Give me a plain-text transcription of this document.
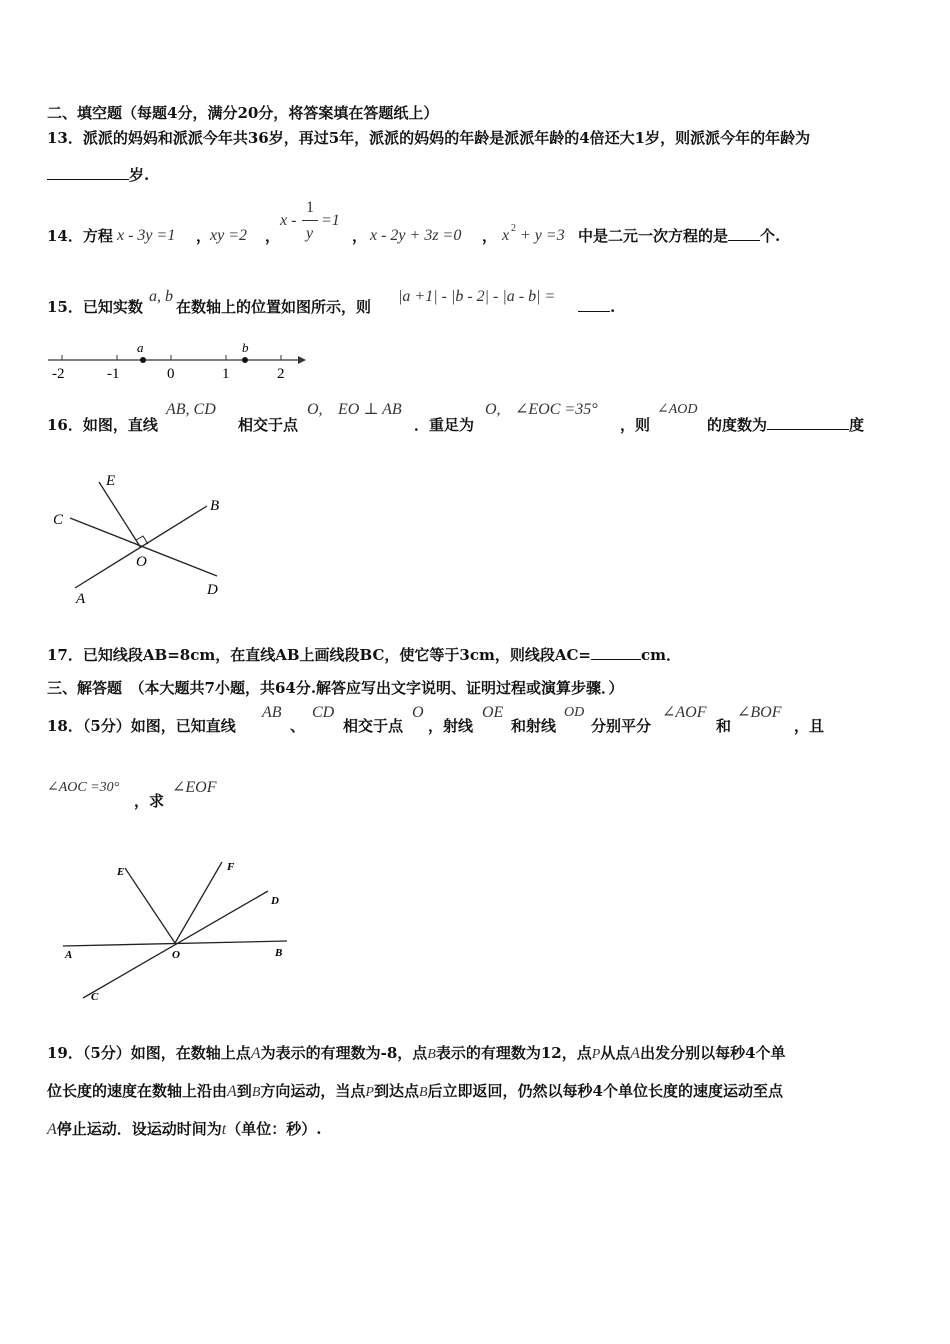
二、填空题（每题4分，满分20分，将答案填在答题纸上）
13．派派的妈妈和派派今年共36岁，再过5年，派派的妈妈的年龄是派派年龄的4倍还大1岁，则派派今年的年龄为
岁.
14．方程 x - 3y =1 ，
xy =2 ，
1
x -
y
=1
， x - 2y + 3z =0 ， x 2 + y =3 中是二元一次方程的是 个.
15．已知实数
a, b
在数轴上的位置如图所示，则
|a +1| - |b - 2| - |a - b| =
.
-2	-1	0	1	2
a	b
16．如图，直线
AB, CD
相交于点
O, EO ⊥ AB
．重足为
O, ∠EOC =35°
，则
∠AOD
的度数为	度
E
C
B
O
A
D
17．已知线段AB=8cm，在直线AB上画线段BC，使它等于3cm，则线段AC=	cm．
三、解答题　（本大题共7小题，共64分.解答应写出文字说明、证明过程或演算步骤．）
18．（5分）如图，已知直线
AB
、
CD
相交于点
O
，射线
OE
和射线
OD
分别平分
∠AOF
和
∠BOF
，且
∠AOC =30°
，求
∠EOF
E	F
D
A	O	B
C
19．（5分）如图，在数轴上点A为表示的有理数为-8，点B表示的有理数为12，点P从点A出发分别以每秒4个单
位长度的速度在数轴上沿由A到B方向运动，当点P到达点B后立即返回，仍然以每秒4个单位长度的速度运动至点
A停止运动．设运动时间为t（单位：秒）.
